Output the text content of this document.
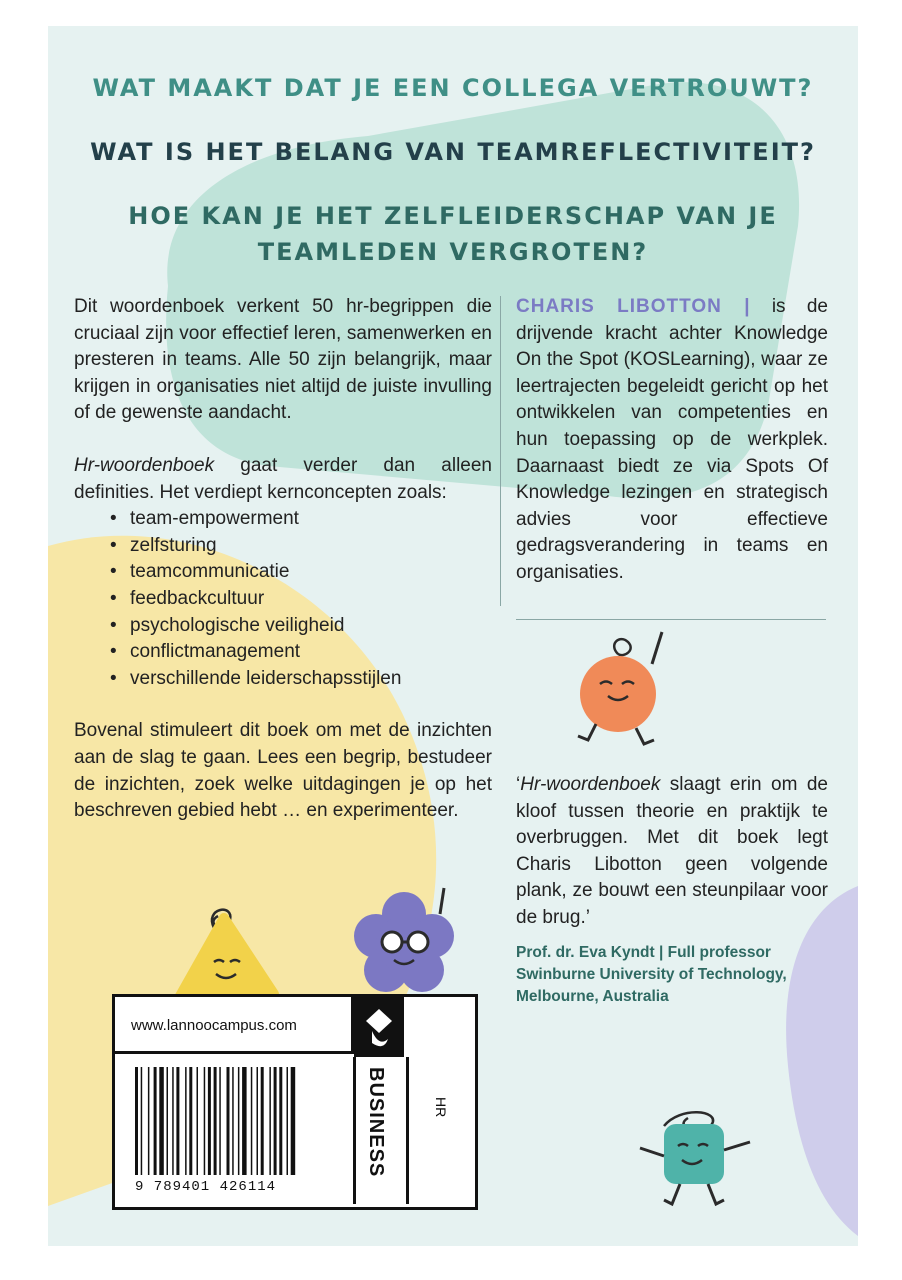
WAT MAAKT DAT JE EEN COLLEGA VERTROUWT?
WAT IS HET BELANG VAN TEAMREFLECTIVITEIT?
HOE KAN JE HET ZELFLEIDERSCHAP VAN JE
TEAMLEDEN VERGROTEN?

Dit woordenboek verkent 50 hr-begrippen die cruciaal zijn voor effectief leren, samenwerken en presteren in teams. Alle 50 zijn belangrijk, maar krijgen in organisaties niet altijd de juiste invulling of de gewenste aandacht.

Hr-woordenboek gaat verder dan alleen definities. Het verdiept kernconcepten zoals:

• team-empowerment
• zelfsturing
• teamcommunicatie
• feedbackcultuur
• psychologische veiligheid
• conflictmanagement
• verschillende leiderschapsstijlen

Bovenal stimuleert dit boek om met de inzichten aan de slag te gaan. Lees een begrip, bestudeer de inzichten, zoek welke uitdagingen je op het beschreven gebied hebt … en experimenteer.

CHARIS LIBOTTON | is de drijvende kracht achter Knowledge On the Spot (KOSLearning), waar ze leertrajecten begeleidt gericht op het ontwikkelen van competenties en hun toepassing op de werkplek. Daarnaast biedt ze via Spots Of Knowledge lezingen en strategisch advies voor effectieve gedragsverandering in teams en organisaties.

‘Hr-woordenboek slaagt erin om de kloof tussen theorie en praktijk te overbruggen. Met dit boek legt Charis Libotton geen volgende plank, ze bouwt een steunpilaar voor de brug.’

Prof. dr. Eva Kyndt | Full professor
Swinburne University of Technology,
Melbourne, Australia

www.lannoocampus.com
BUSINESS	HR
9 789401 426114
